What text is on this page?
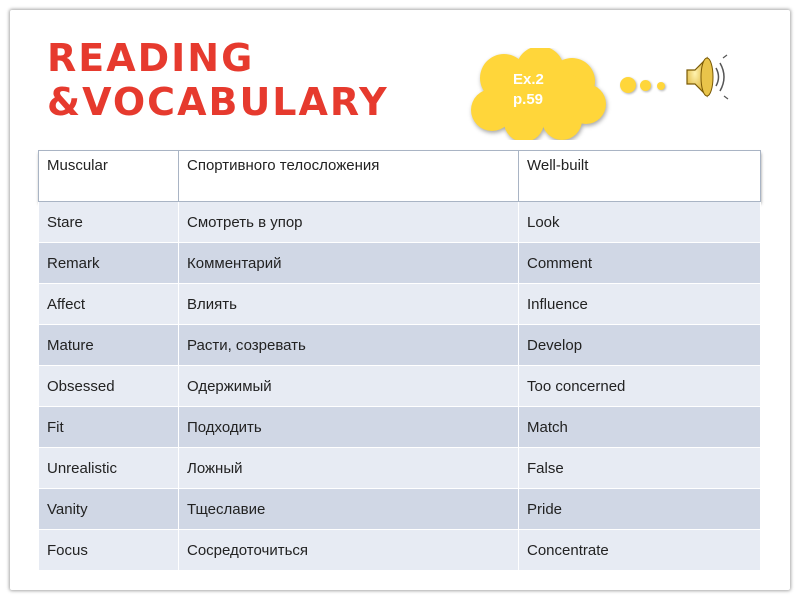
READING
&VOCABULARY
Ex.2
p.59
Muscular	Спортивного телосложения	Well-built
Stare	Смотреть в упор	Look
Remark	Комментарий	Comment
Affect	Влиять	Influence
Mature	Расти, созревать	Develop
Obsessed	Одержимый	Too concerned
Fit	Подходить	Match
Unrealistic	Ложный	False
Vanity	Тщеславие	Pride
Focus	Сосредоточиться	Concentrate
